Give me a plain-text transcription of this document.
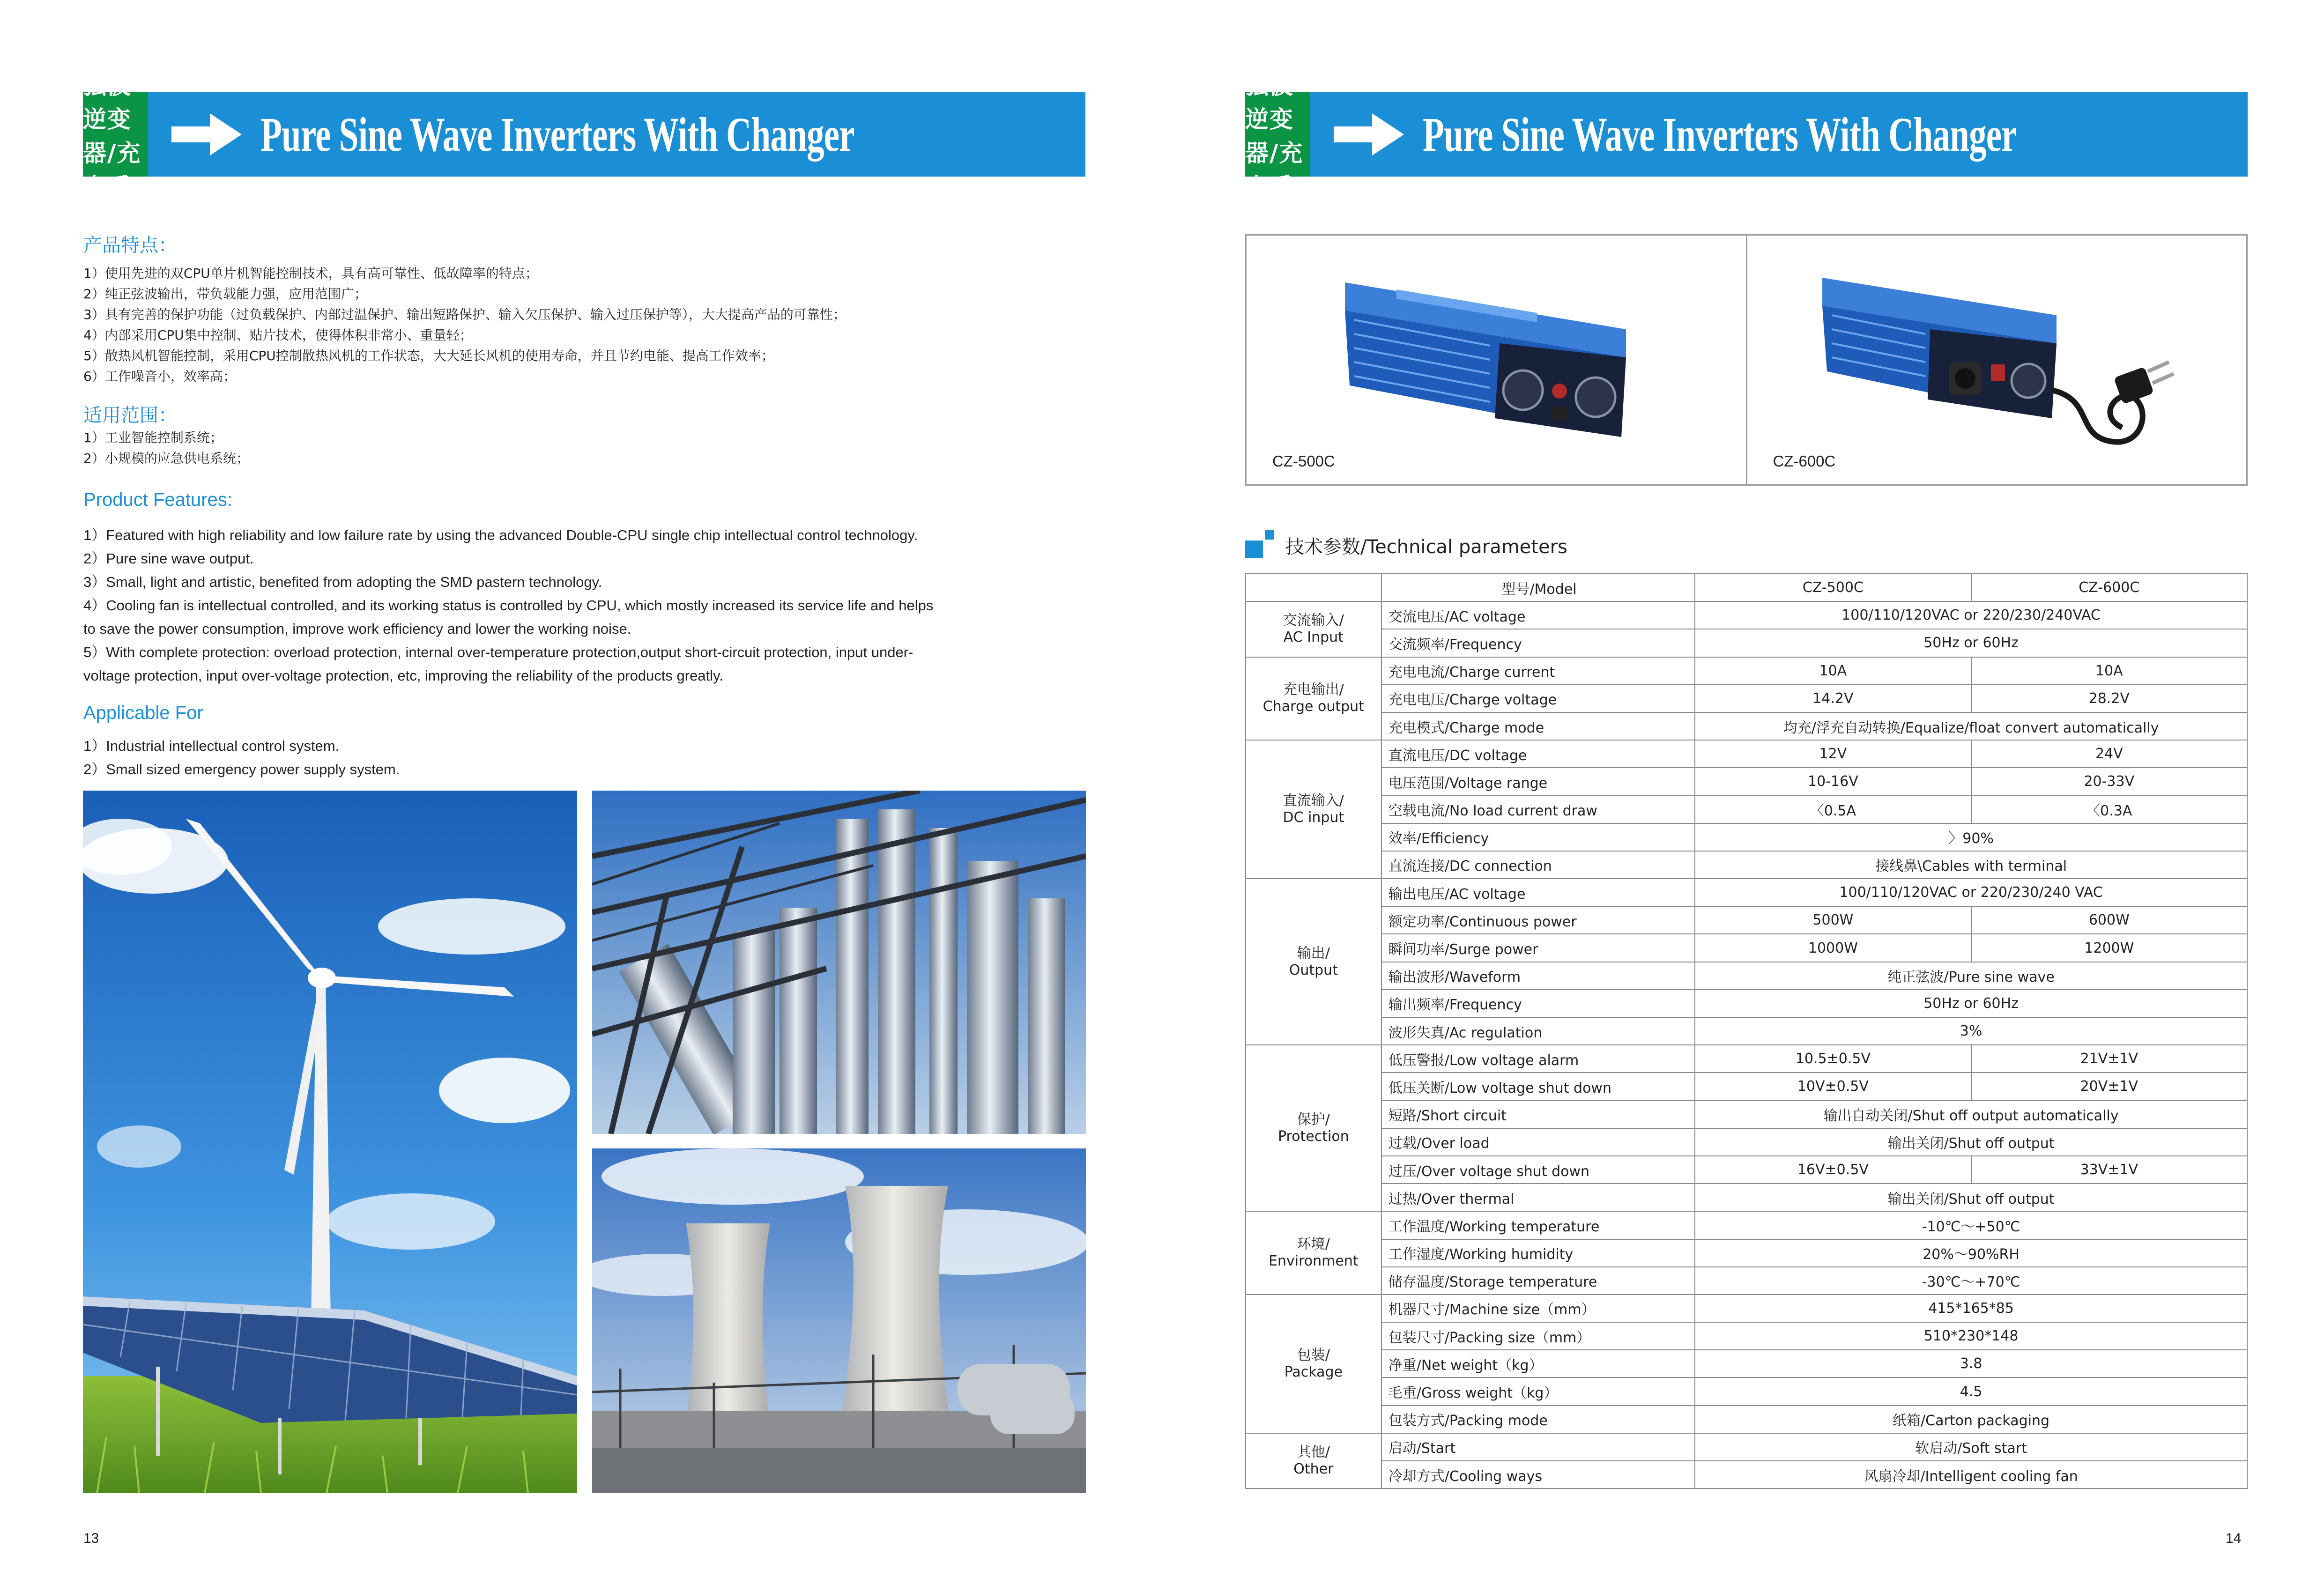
纯正弦波逆变器/充电系列
Pure Sine Wave Inverters With Changer
产品特点：
1）使用先进的双CPU单片机智能控制技术，具有高可靠性、低故障率的特点；
2）纯正弦波输出，带负载能力强，应用范围广；
3）具有完善的保护功能（过负载保护、内部过温保护、输出短路保护、输入欠压保护、输入过压保护等），大大提高产品的可靠性；
4）内部采用CPU集中控制、贴片技术，使得体积非常小、重量轻；
5）散热风机智能控制，采用CPU控制散热风机的工作状态，大大延长风机的使用寿命，并且节约电能、提高工作效率；
6）工作噪音小，效率高；
适用范围：
1）工业智能控制系统；
2）小规模的应急供电系统；
Product Features:
1）Featured with high reliability and low failure rate by using the advanced Double-CPU single chip intellectual control technology.
2）Pure sine wave output.
3）Small, light and artistic, benefited from adopting the SMD pastern technology.
4）Cooling fan is intellectual controlled, and its working status is controlled by CPU, which mostly increased its service life and helps
to save the power consumption, improve work efficiency and lower the working noise.
5）With complete protection: overload protection, internal over-temperature protection,output short-circuit protection, input under-
voltage protection, input over-voltage protection, etc, improving the reliability of the products greatly.
Applicable For
1）Industrial intellectual control system.
2）Small sized emergency power supply system.
13
纯正弦波逆变器/充电系列
Pure Sine Wave Inverters With Changer
CZ-500C	CZ-600C
技术参数/Technical parameters
	型号/Model	CZ-500C	CZ-600C
交流输入/
AC Input	交流电压/AC voltage	100/110/120VAC or 220/230/240VAC	
	交流频率/Frequency	50Hz or 60Hz	
充电输出/
Charge output	充电电流/Charge current	10A	10A
	充电电压/Charge voltage	14.2V	28.2V
	充电模式/Charge mode	均充/浮充自动转换/Equalize/float convert automatically	
直流输入/
DC input	直流电压/DC voltage	12V	24V
	电压范围/Voltage range	10-16V	20-33V
	空载电流/No load current draw	〈0.5A	〈0.3A
	效率/Efficiency	〉90%	
	直流连接/DC connection	接线鼻\Cables with terminal	
输出/
Output	输出电压/AC voltage	100/110/120VAC or 220/230/240 VAC	
	额定功率/Continuous power	500W	600W
	瞬间功率/Surge power	1000W	1200W
	输出波形/Waveform	纯正弦波/Pure sine wave	
	输出频率/Frequency	50Hz or 60Hz	
	波形失真/Ac regulation	3%	
保护/
Protection	低压警报/Low voltage alarm	10.5±0.5V	21V±1V
	低压关断/Low voltage shut down	10V±0.5V	20V±1V
	短路/Short circuit	输出自动关闭/Shut off output automatically	
	过载/Over load	输出关闭/Shut off output	
	过压/Over voltage shut down	16V±0.5V	33V±1V
	过热/Over thermal	输出关闭/Shut off output	
环境/
Environment	工作温度/Working temperature	-10℃～+50℃	
	工作湿度/Working humidity	20%～90%RH	
	储存温度/Storage temperature	-30℃～+70℃	
包装/
Package	机器尺寸/Machine size（mm）	415*165*85	
	包装尺寸/Packing size（mm）	510*230*148	
	净重/Net weight（kg）	3.8	
	毛重/Gross weight（kg）	4.5	
	包装方式/Packing mode	纸箱/Carton packaging	
其他/
Other	启动/Start	软启动/Soft start	
	冷却方式/Cooling ways	风扇冷却/Intelligent cooling fan	
14
